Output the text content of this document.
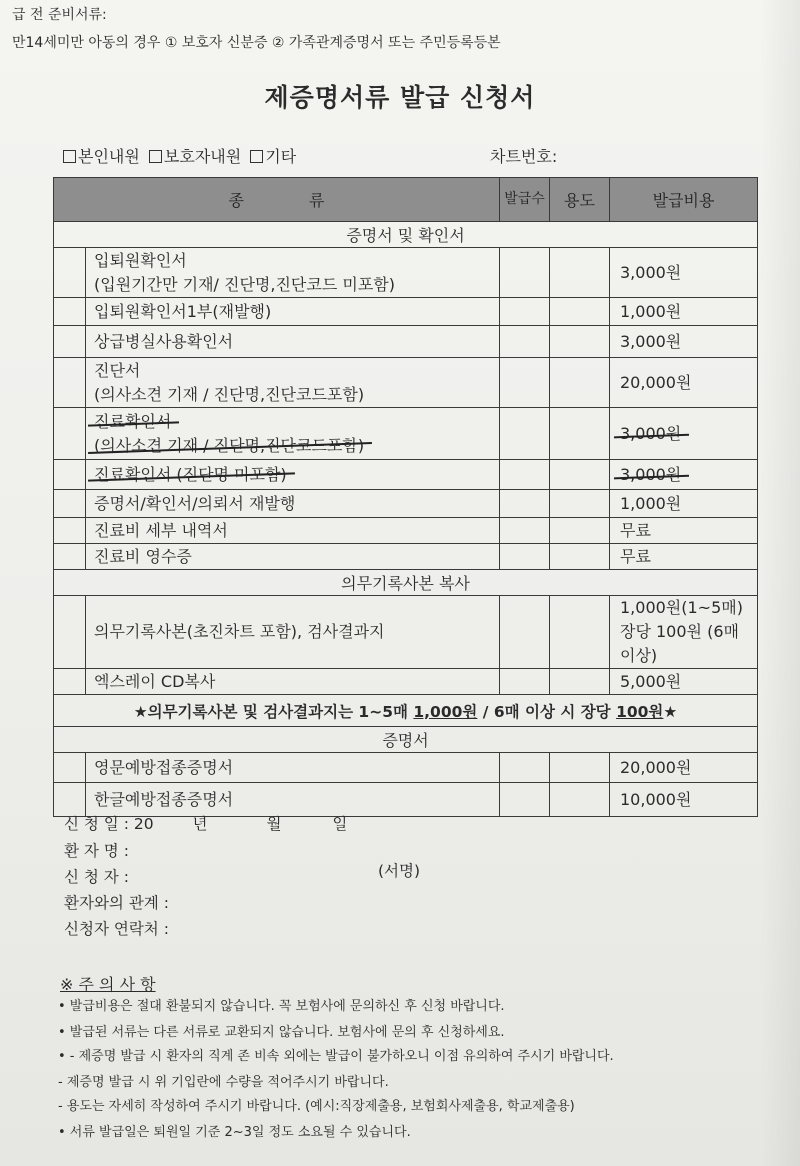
급 전 준비서류:
만14세미만 아동의 경우 ① 보호자 신분증 ② 가족관계증명서 또는 주민등록등본
제증명서류 발급 신청서
본인내원 보호자내원 기타	차트번호:
종 류		발급수	용도	발급비용
증명서 및 확인서				

	입퇴원확인서
(입원기간만 기재/ 진단명,진단코드 미포함)			3,000원
	입퇴원확인서1부(재발행)			1,000원
	상급병실사용확인서			3,000원

	진단서
(의사소견 기재 / 진단명,진단코드포함)			20,000원

	진료확인서
(의사소견 기재 / 진단명,진단코드포함)			3,000원
	진료확인서 (진단명 미포함)			3,000원
	증명서/확인서/의뢰서 재발행			1,000원
	진료비 세부 내역서			무료
	진료비 영수증			무료
의무기록사본 복사				
	의무기록사본(초진차트 포함), 검사결과지			1,000원(1~5매)
장당 100원 (6매 이상)

	엑스레이 CD복사			5,000원
★의무기록사본 및 검사결과지는 1~5매 1,000원 / 6매 이상 시 장당 100원★				
증명서				
	영문예방접종증명서			20,000원
	한글예방접종증명서			10,000원
신 청 일 : 20	년	월	일
환 자 명 :
신 청 자 :	(서명)
환자와의 관계 :
신청자 연락처 :
※ 주 의 사 항
• 발급비용은 절대 환불되지 않습니다. 꼭 보험사에 문의하신 후 신청 바랍니다.
• 발급된 서류는 다른 서류로 교환되지 않습니다. 보험사에 문의 후 신청하세요.
• - 제증명 발급 시 환자의 직계 존 비속 외에는 발급이 불가하오니 이점 유의하여 주시기 바랍니다.
- 제증명 발급 시 위 기입란에 수량을 적어주시기 바랍니다.
- 용도는 자세히 작성하여 주시기 바랍니다. (예시:직장제출용, 보험회사제출용, 학교제출용)
• 서류 발급일은 퇴원일 기준 2~3일 정도 소요될 수 있습니다.
